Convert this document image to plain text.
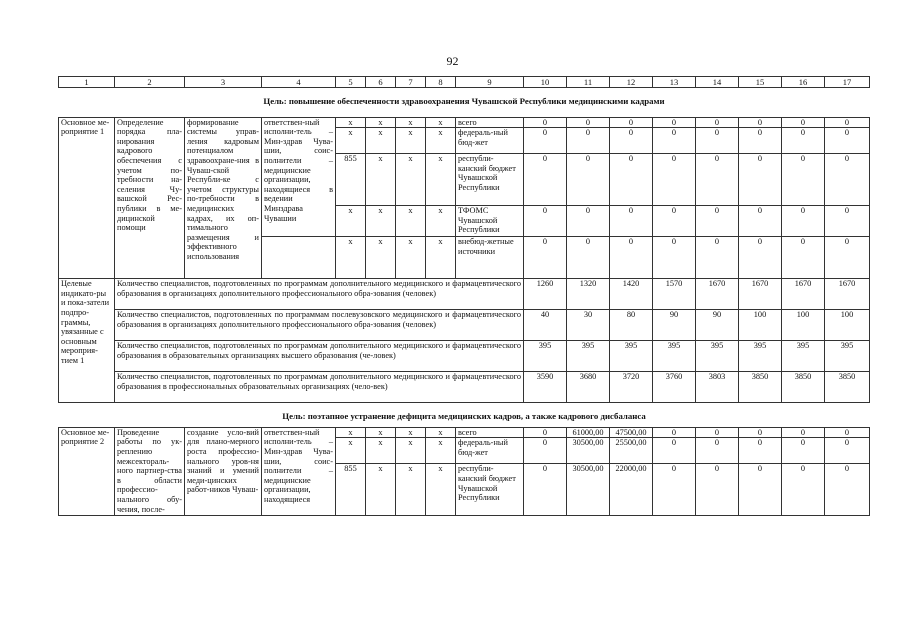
92
1	2	3	4	5	6	7	8	9	10	11	12	13	14	15	16	17
Цель: повышение обеспеченности здравоохранения Чувашской Республики медицинскими кадрами																
Основное ме-
роприятие 1	Определение порядка пла-нирования кадрового обеспечения с учетом по-требности на-селения Чу-вашской Рес-публики в ме-дицинской помощи	формирование системы управ-ления кадровым потенциалом здравоохране-ния в Чуваш-ской Республи-ке с учетом структуры по-требности в медицинских кадрах, их оп-тимального размещения и эффективного использования	ответствен-ный исполни-тель – Мин-здрав Чува-шии, соис-полнители – медицинские организации, находящиеся в ведении Минздрава Чувашии	x	x	x	x	всего	0	0	0	0	0	0	0	0
				x	x	x	x	федераль-ный бюд-жет	0	0	0	0	0	0	0	0
				855	x	x	x	республи-канский бюджет Чувашской Республики	0	0	0	0	0	0	0	0
				x	x	x	x	ТФОМС Чувашской Республики	0	0	0	0	0	0	0	0
				x	x	x	x	внебюд-жетные источники	0	0	0	0	0	0	0	0
Целевые индикато-ры и пока-затели подпро-граммы, увязанные с основным мероприя-тием 1	Количество специалистов, подготовленных по программам дополнительного медицинского и фармацевтического образования в организациях дополнительного профессионального обра-зования (человек)								1260	1320	1420	1570	1670	1670	1670	1670
	Количество специалистов, подготовленных по программам послевузовского медицинского и фармацевтического образования в организациях дополнительного профессионального обра-зования (человек)								40	30	80	90	90	100	100	100
	Количество специалистов, подготовленных по программам дополнительного медицинского и фармацевтического образования в образовательных организациях высшего образования (че-ловек)								395	395	395	395	395	395	395	395
	Количество специалистов, подготовленных по программам дополнительного медицинского и фармацевтического образования в профессиональных образовательных организациях (чело-век)								3590	3680	3720	3760	3803	3850	3850	3850
Цель: поэтапное устранение дефицита медицинских кадров, а также кадрового дисбаланса																
Основное ме-
роприятие 2	Проведение работы по ук-реплению межсектораль-ного партнер-ства в области профессио-нального обу-чения, после-	создание усло-вий для плано-мерного роста профессио-нального уров-ня знаний и умений меди-цинских работ-ников Чуваш-	ответствен-ный исполни-тель – Мин-здрав Чува-шии, соис-полнители – медицинские организации, находящиеся	x	x	x	x	всего	0	61000,00	47500,00	0	0	0	0	0
				x	x	x	x	федераль-ный бюд-жет	0	30500,00	25500,00	0	0	0	0	0
				855	x	x	x	республи-канский бюджет Чувашской Республики	0	30500,00	22000,00	0	0	0	0	0
